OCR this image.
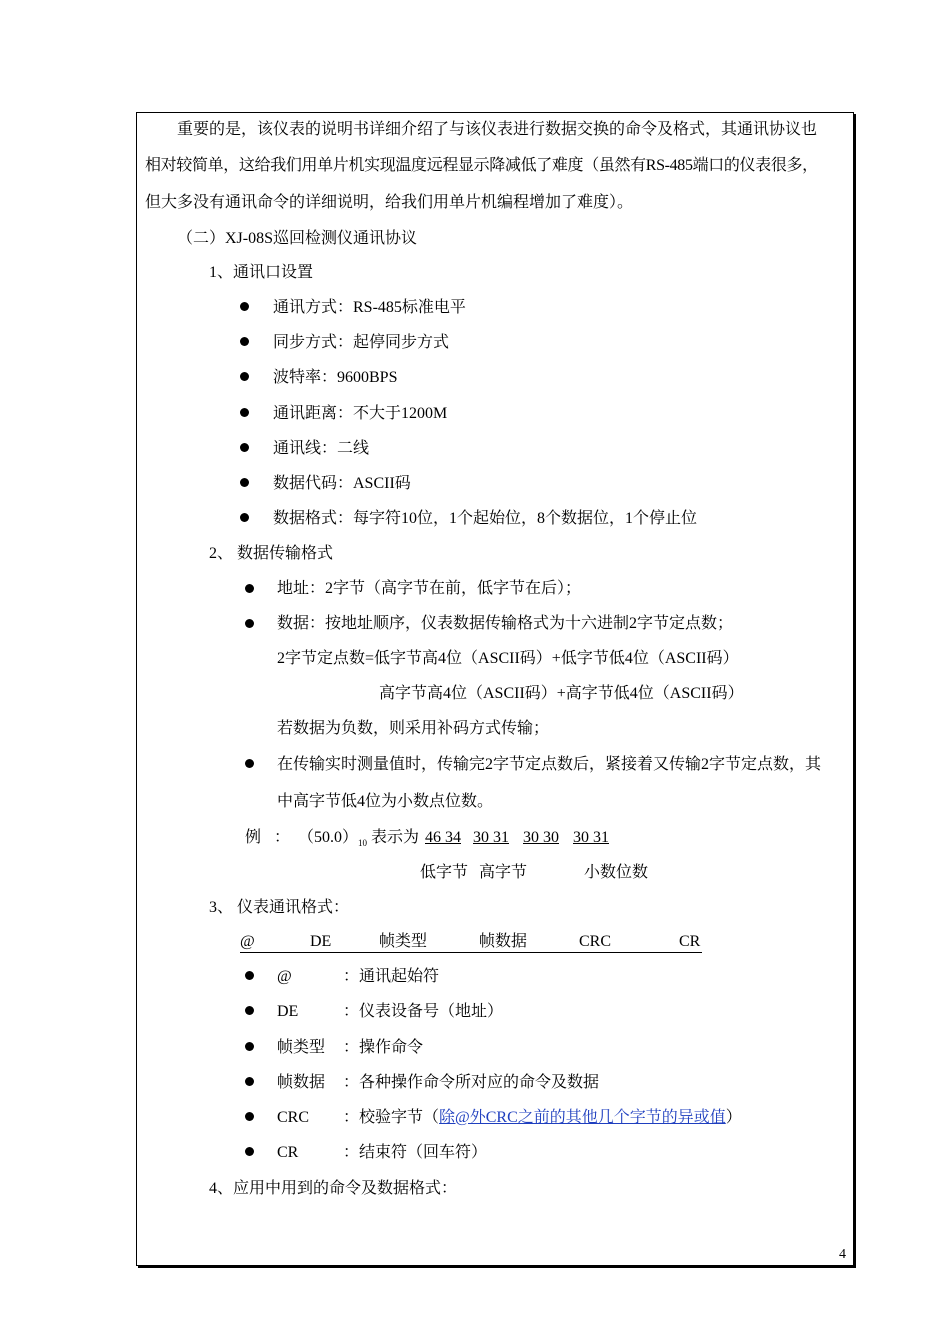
重要的是，该仪表的说明书详细介绍了与该仪表进行数据交换的命令及格式，其通讯协议也
相对较简单，这给我们用单片机实现温度远程显示降减低了难度（虽然有RS-485端口的仪表很多，
但大多没有通讯命令的详细说明，给我们用单片机编程增加了难度）。
（二）XJ-08S巡回检测仪通讯协议
1、通讯口设置
通讯方式：RS-485标准电平
同步方式：起停同步方式
波特率：9600BPS
通讯距离：不大于1200M
通讯线：二线
数据代码：ASCII码
数据格式：每字符10位，1个起始位，8个数据位，1个停止位
2、 数据传输格式
地址：2字节（高字节在前，低字节在后）；
数据：按地址顺序，仪表数据传输格式为十六进制2字节定点数；
2字节定点数=低字节高4位（ASCII码）+低字节低4位（ASCII码）
高字节高4位（ASCII码）+高字节低4位（ASCII码）
若数据为负数，则采用补码方式传输；
在传输实时测量值时，传输完2字节定点数后，紧接着又传输2字节定点数，其
中高字节低4位为小数点位数。
例 ： $(50.0)_{10}$ 表示为 46 34 30 31 30 30 30 31
低字节 高字节	小数位数
3、 仪表通讯格式：
@	DE	帧类型	帧数据	CRC	CR
@	：通讯起始符
DE	：仪表设备号（地址）
帧类型 ：操作命令
帧数据 ：各种操作命令所对应的命令及数据
CRC ：校验字节（除@外CRC之前的其他几个字节的异或值）
CR	：结束符（回车符）
4、应用中用到的命令及数据格式：
4
